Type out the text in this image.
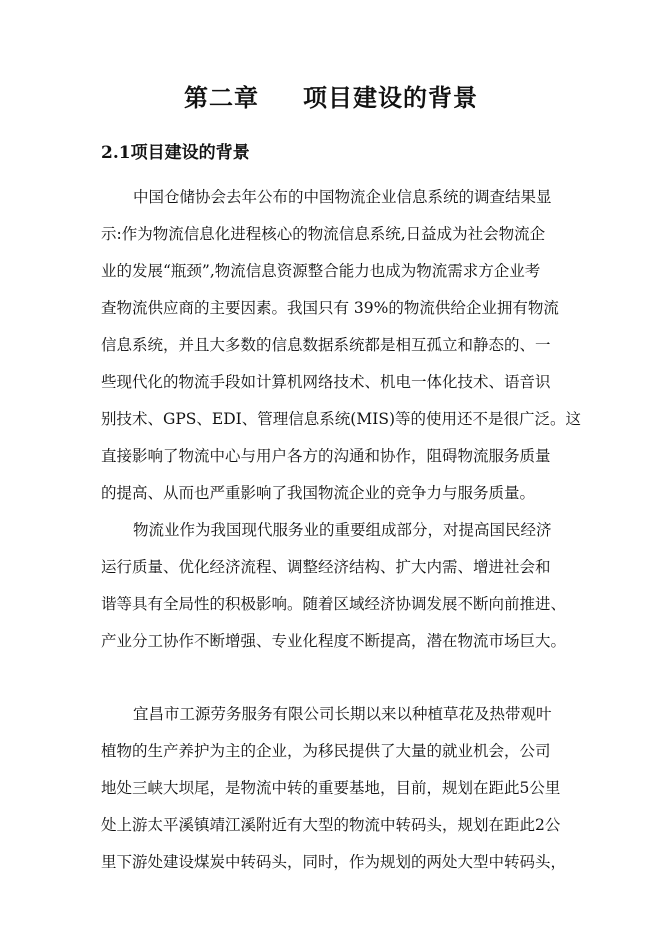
第二章 项目建设的背景
2.1项目建设的背景
中国仓储协会去年公布的中国物流企业信息系统的调查结果显
示:作为物流信息化进程核心的物流信息系统,日益成为社会物流企
业的发展“瓶颈”,物流信息资源整合能力也成为物流需求方企业考
查物流供应商的主要因素。我国只有 39%的物流供给企业拥有物流
信息系统，并且大多数的信息数据系统都是相互孤立和静态的、一
些现代化的物流手段如计算机网络技术、机电一体化技术、语音识
别技术、GPS、EDI、管理信息系统(MIS)等的使用还不是很广泛。这
直接影响了物流中心与用户各方的沟通和协作，阻碍物流服务质量
的提高、从而也严重影响了我国物流企业的竞争力与服务质量。
物流业作为我国现代服务业的重要组成部分，对提高国民经济
运行质量、优化经济流程、调整经济结构、扩大内需、增进社会和
谐等具有全局性的积极影响。随着区域经济协调发展不断向前推进、
产业分工协作不断增强、专业化程度不断提高，潜在物流市场巨大。
宜昌市工源劳务服务有限公司长期以来以种植草花及热带观叶
植物的生产养护为主的企业，为移民提供了大量的就业机会，公司
地处三峡大坝尾，是物流中转的重要基地，目前，规划在距此5公里
处上游太平溪镇靖江溪附近有大型的物流中转码头，规划在距此2公
里下游处建设煤炭中转码头，同时，作为规划的两处大型中转码头，
